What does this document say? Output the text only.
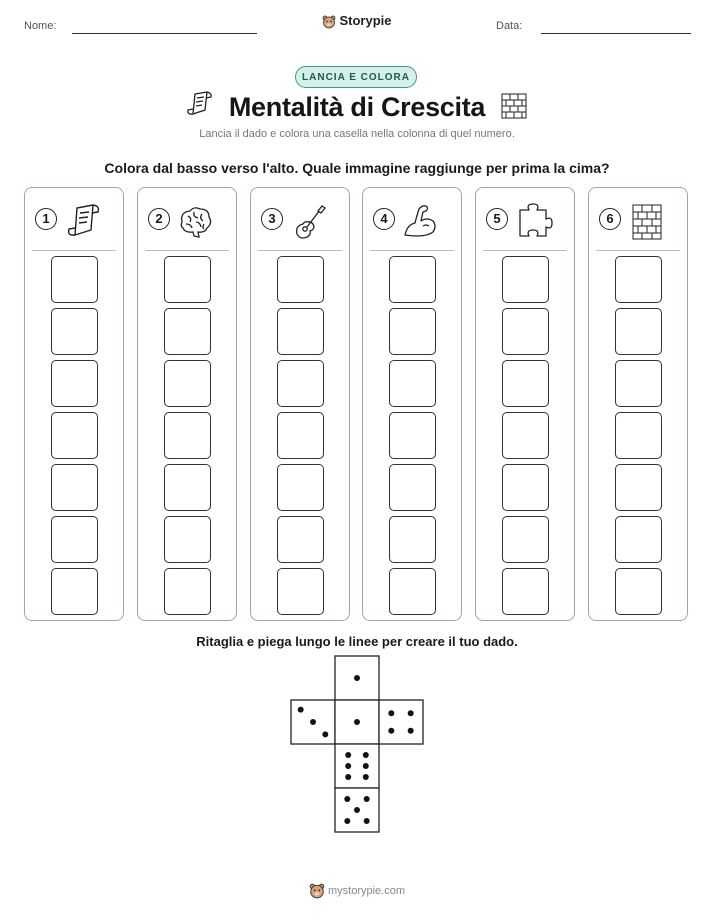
Nome:	Data:
Storypie
LANCIA E COLORA
Mentalità di Crescita
Lancia il dado e colora una casella nella colonna di quel numero.
Colora dal basso verso l'alto. Quale immagine raggiunge per prima la cima?
1	2	3	4	5	6
Ritaglia e piega lungo le linee per creare il tuo dado.
mystorypie.com
